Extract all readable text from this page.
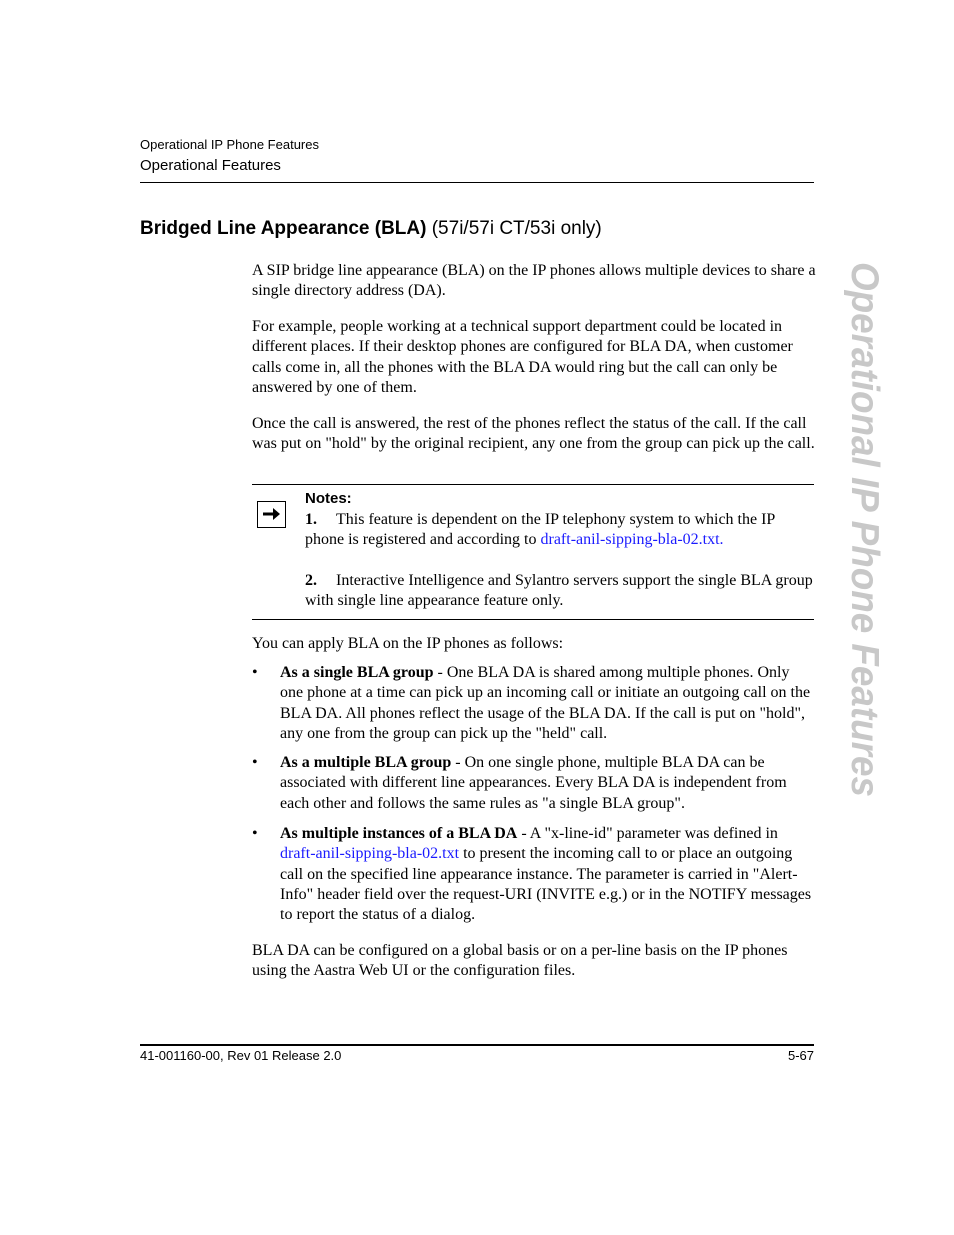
Operational IP Phone Features
Operational Features
Bridged Line Appearance (BLA) (57i/57i CT/53i only)
A SIP bridge line appearance (BLA) on the IP phones allows multiple devices to share a single directory address (DA).
For example, people working at a technical support department could be located in different places. If their desktop phones are configured for BLA DA, when customer calls come in, all the phones with the BLA DA would ring but the call can only be answered by one of them.
Once the call is answered, the rest of the phones reflect the status of the call. If the call was put on "hold" by the original recipient, any one from the group can pick up the call.
Notes:
1. This feature is dependent on the IP telephony system to which the IP phone is registered and according to draft-anil-sipping-bla-02.txt.
2. Interactive Intelligence and Sylantro servers support the single BLA group with single line appearance feature only.
You can apply BLA on the IP phones as follows:
• As a single BLA group - One BLA DA is shared among multiple phones. Only one phone at a time can pick up an incoming call or initiate an outgoing call on the BLA DA. All phones reflect the usage of the BLA DA. If the call is put on "hold", any one from the group can pick up the "held" call.
• As a multiple BLA group - On one single phone, multiple BLA DA can be associated with different line appearances. Every BLA DA is independent from each other and follows the same rules as "a single BLA group".
• As multiple instances of a BLA DA - A "x-line-id" parameter was defined in draft-anil-sipping-bla-02.txt to present the incoming call to or place an outgoing call on the specified line appearance instance. The parameter is carried in "Alert-Info" header field over the request-URI (INVITE e.g.) or in the NOTIFY messages to report the status of a dialog.
BLA DA can be configured on a global basis or on a per-line basis on the IP phones using the Aastra Web UI or the configuration files.
41-001160-00, Rev 01 Release 2.0	5-67
Operational IP Phone Features
